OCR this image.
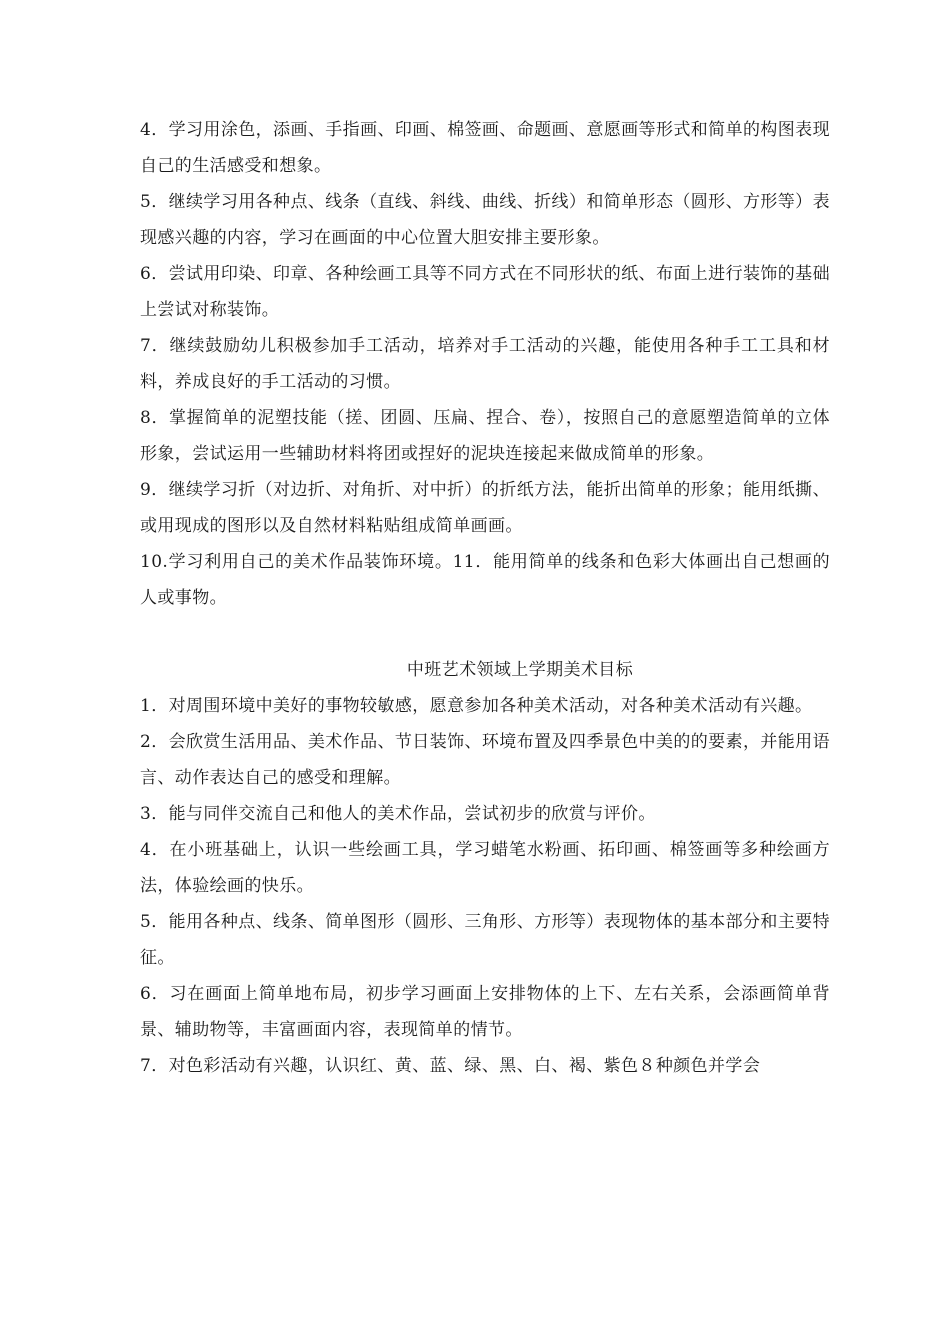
4．学习用涂色，添画、手指画、印画、棉签画、命题画、意愿画等形式和简单的构图表现自己的生活感受和想象。

5．继续学习用各种点、线条（直线、斜线、曲线、折线）和简单形态（圆形、方形等）表现感兴趣的内容，学习在画面的中心位置大胆安排主要形象。

6．尝试用印染、印章、各种绘画工具等不同方式在不同形状的纸、布面上进行装饰的基础上尝试对称装饰。

7．继续鼓励幼儿积极参加手工活动，培养对手工活动的兴趣，能使用各种手工工具和材料，养成良好的手工活动的习惯。

8．掌握简单的泥塑技能（搓、团圆、压扁、捏合、卷），按照自己的意愿塑造简单的立体形象，尝试运用一些辅助材料将团或捏好的泥块连接起来做成简单的形象。

9．继续学习折（对边折、对角折、对中折）的折纸方法，能折出简单的形象；能用纸撕、或用现成的图形以及自然材料粘贴组成简单画画。

10.学习利用自己的美术作品装饰环境。11．能用简单的线条和色彩大体画出自己想画的人或事物。

中班艺术领域上学期美术目标

1．对周围环境中美好的事物较敏感，愿意参加各种美术活动，对各种美术活动有兴趣。

2．会欣赏生活用品、美术作品、节日装饰、环境布置及四季景色中美的的要素，并能用语言、动作表达自己的感受和理解。

3．能与同伴交流自己和他人的美术作品，尝试初步的欣赏与评价。

4．在小班基础上，认识一些绘画工具，学习蜡笔水粉画、拓印画、棉签画等多种绘画方法，体验绘画的快乐。

5．能用各种点、线条、简单图形（圆形、三角形、方形等）表现物体的基本部分和主要特征。

6．习在画面上简单地布局，初步学习画面上安排物体的上下、左右关系，会添画简单背景、辅助物等，丰富画面内容，表现简单的情节。

7．对色彩活动有兴趣，认识红、黄、蓝、绿、黑、白、褐、紫色８种颜色并学会
